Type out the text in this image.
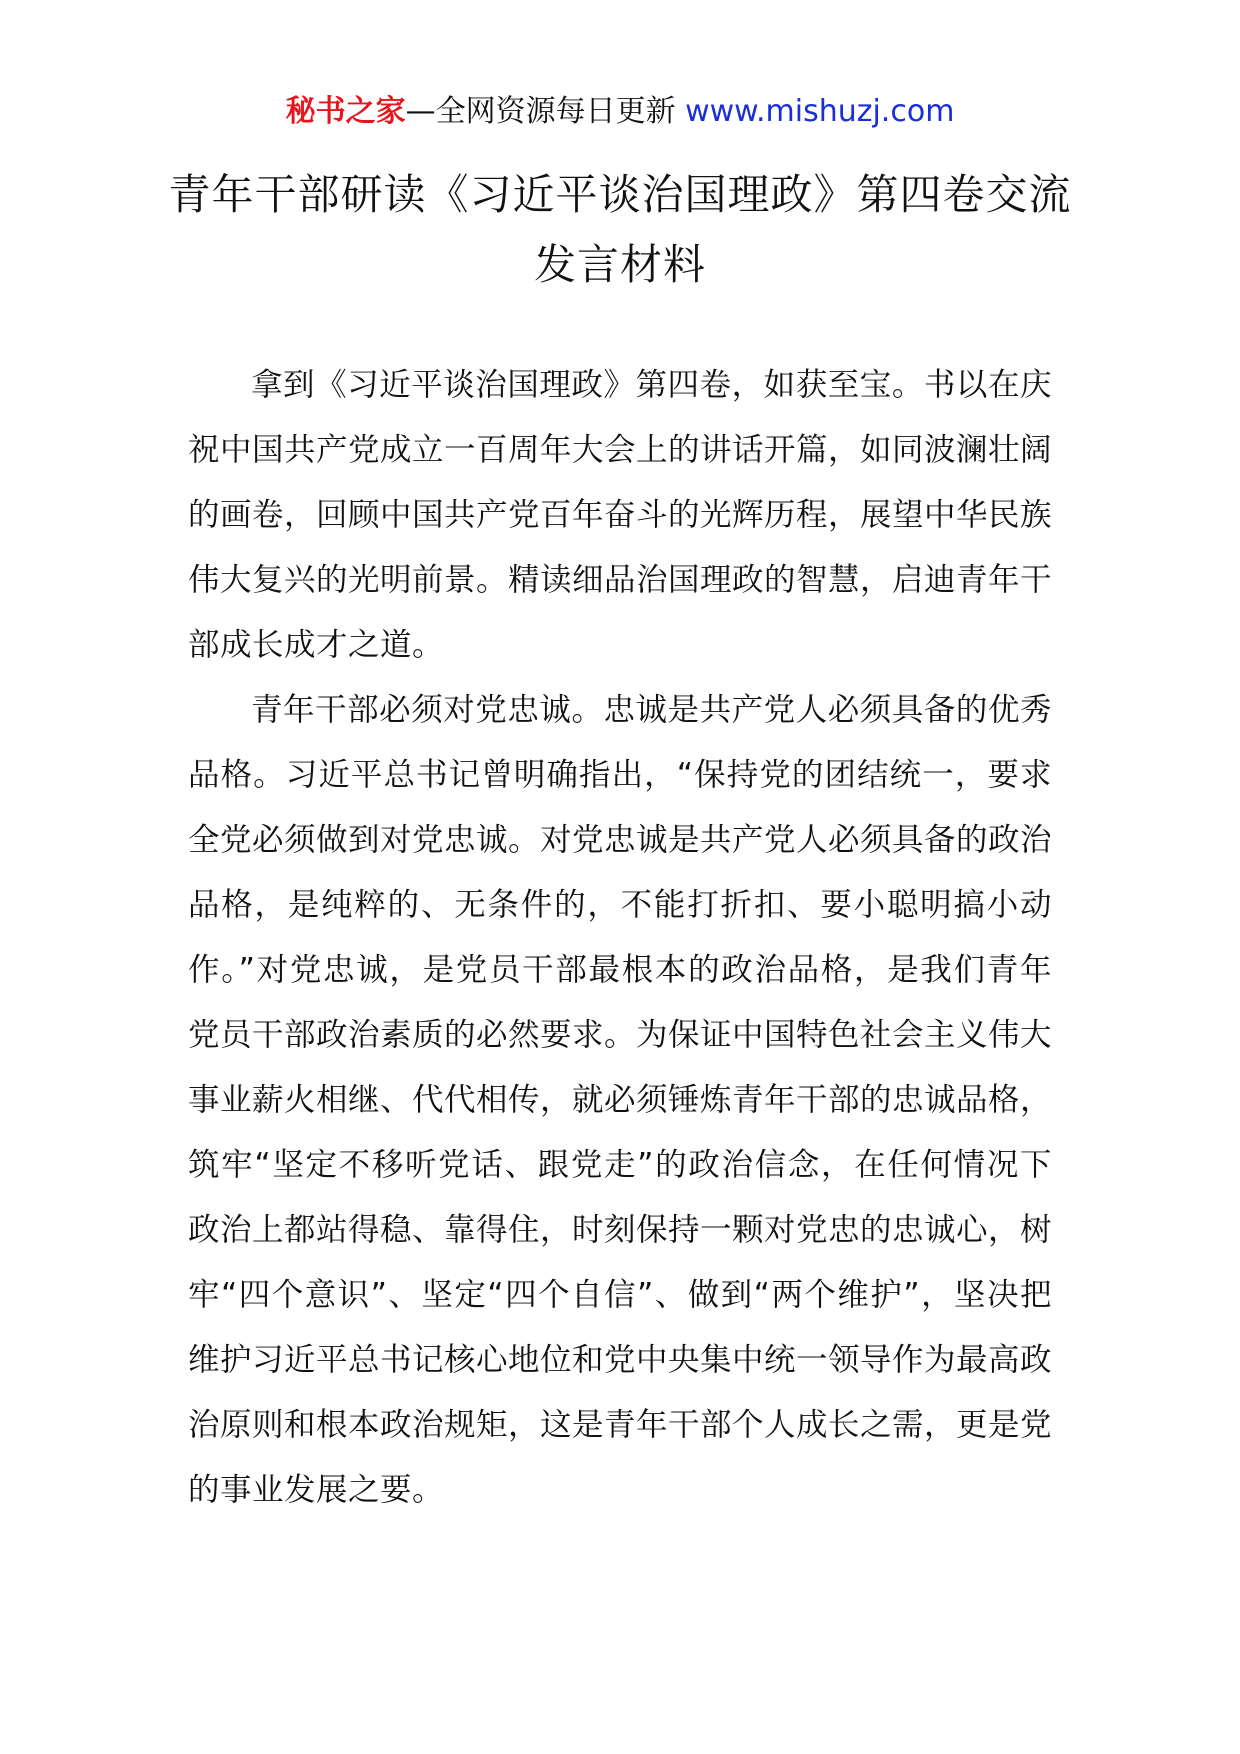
秘书之家—全网资源每日更新 www.mishuzj.com
青年干部研读《习近平谈治国理政》第四卷交流发言材料

拿到《习近平谈治国理政》第四卷，如获至宝。书以在庆祝中国共产党成立一百周年大会上的讲话开篇，如同波澜壮阔的画卷，回顾中国共产党百年奋斗的光辉历程，展望中华民族伟大复兴的光明前景。精读细品治国理政的智慧，启迪青年干部成长成才之道。

青年干部必须对党忠诚。忠诚是共产党人必须具备的优秀品格。习近平总书记曾明确指出，“保持党的团结统一，要求全党必须做到对党忠诚。对党忠诚是共产党人必须具备的政治品格，是纯粹的、无条件的，不能打折扣、要小聪明搞小动作。”对党忠诚，是党员干部最根本的政治品格，是我们青年党员干部政治素质的必然要求。为保证中国特色社会主义伟大事业薪火相继、代代相传，就必须锤炼青年干部的忠诚品格，筑牢“坚定不移听党话、跟党走”的政治信念，在任何情况下政治上都站得稳、靠得住，时刻保持一颗对党忠的忠诚心，树牢“四个意识”、坚定“四个自信”、做到“两个维护”，坚决把维护习近平总书记核心地位和党中央集中统一领导作为最高政治原则和根本政治规矩，这是青年干部个人成长之需，更是党的事业发展之要。
